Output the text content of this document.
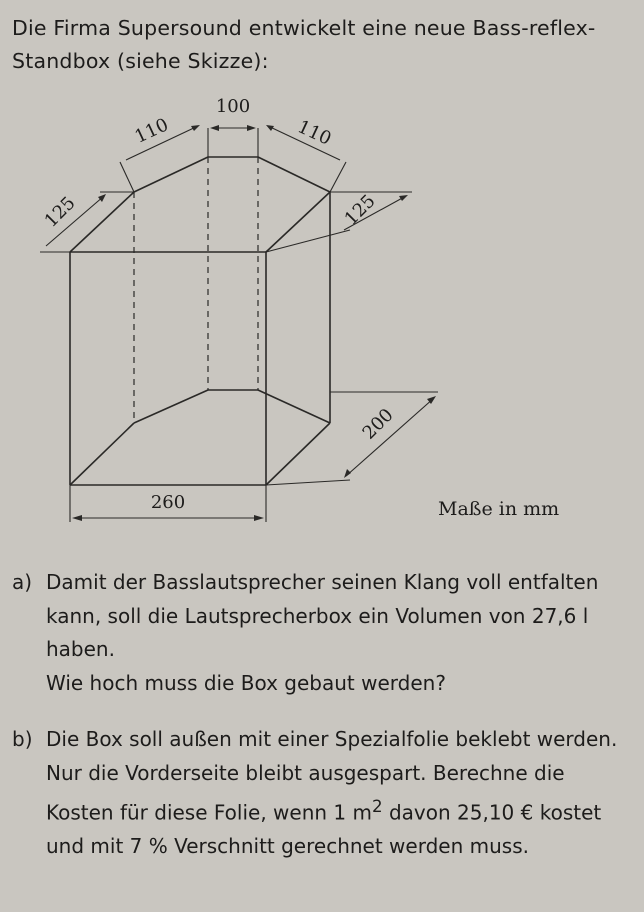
Die Firma Supersound entwickelt eine neue Bass-reflex-Standbox (siehe Skizze):
100
110	110
125	125
200
260	Maße in mm
a) Damit der Basslautsprecher seinen Klang voll entfalten kann, soll die Lautsprecherbox ein Volumen von 27,6 l haben.

Wie hoch muss die Box gebaut werden?

b) Die Box soll außen mit einer Spezialfolie beklebt werden. Nur die Vorderseite bleibt ausgespart. Berechne die Kosten für diese Folie, wenn 1 $m^2$ davon 25,10 € kostet und mit 7 % Verschnitt gerechnet werden muss.
